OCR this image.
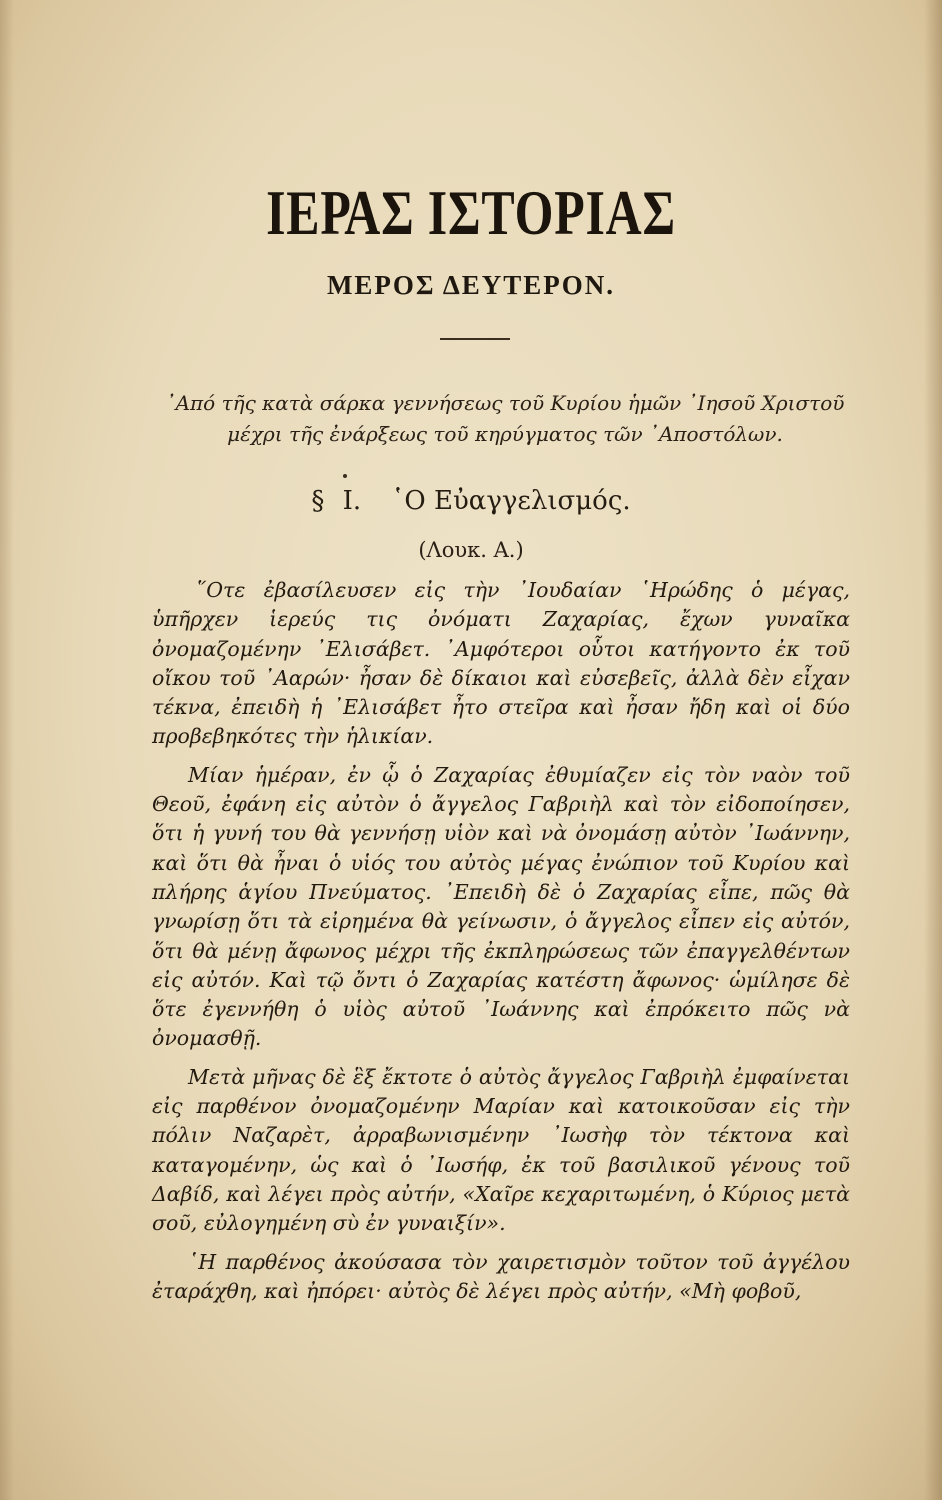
ΙΕΡΑΣ ΙΣΤΟΡΙΑΣ
ΜΕΡΟΣ ΔΕΥΤΕΡΟΝ.
᾿Από τῆς κατὰ σάρκα γεννήσεως τοῦ Κυρίου ἡμῶν ᾿Ιησοῦ Χριστοῦ μέχρι τῆς ἐνάρξεως τοῦ κηρύγματος τῶν ᾿Αποστόλων.
§ Ι. ῾Ο Εὐαγγελισμός.
(Λουκ. Α.)

῞Οτε ἐβασίλευσεν εἰς τὴν ᾿Ιουδαίαν ῾Ηρώδης ὁ μέγας, ὑπῆρχεν ἱερεύς τις ὀνόματι Ζαχαρίας, ἔχων γυναῖκα ὀνομαζομένην ᾿Ελισάβετ. ᾿Αμφότεροι οὗτοι κατήγοντο ἐκ τοῦ οἴκου τοῦ ᾿Ααρών· ἦσαν δὲ δίκαιοι καὶ εὐσεβεῖς, ἀλλὰ δὲν εἶχαν τέκνα, ἐπειδὴ ἡ ᾿Ελισάβετ ἦτο στεῖρα καὶ ἦσαν ἤδη καὶ οἱ δύο προβεβηκότες τὴν ἡλικίαν.

Μίαν ἡμέραν, ἐν ᾧ ὁ Ζαχαρίας ἐθυμίαζεν εἰς τὸν ναὸν τοῦ Θεοῦ, ἐφάνη εἰς αὐτὸν ὁ ἄγγελος Γαβριὴλ καὶ τὸν εἰδοποίησεν, ὅτι ἡ γυνή του θὰ γεννήσῃ υἱὸν καὶ νὰ ὀνομάσῃ αὐτὸν ᾿Ιωάννην, καὶ ὅτι θὰ ἦναι ὁ υἱός του αὐτὸς μέγας ἐνώπιον τοῦ Κυρίου καὶ πλήρης ἁγίου Πνεύματος. ᾿Επειδὴ δὲ ὁ Ζαχαρίας εἶπε, πῶς θὰ γνωρίσῃ ὅτι τὰ εἰρημένα θὰ γείνωσιν, ὁ ἄγγελος εἶπεν εἰς αὐτόν, ὅτι θὰ μένῃ ἄφωνος μέχρι τῆς ἐκπληρώσεως τῶν ἐπαγγελθέντων εἰς αὐτόν. Καὶ τῷ ὄντι ὁ Ζαχαρίας κατέστη ἄφωνος· ὡμίλησε δὲ ὅτε ἐγεννήθη ὁ υἱὸς αὐτοῦ ᾿Ιωάννης καὶ ἐπρόκειτο πῶς νὰ ὀνομασθῇ.

Μετὰ μῆνας δὲ ἓξ ἔκτοτε ὁ αὐτὸς ἄγγελος Γαβριὴλ ἐμφαίνεται εἰς παρθένον ὀνομαζομένην Μαρίαν καὶ κατοικοῦσαν εἰς τὴν πόλιν Ναζαρὲτ, ἀρραβωνισμένην ᾿Ιωσὴφ τὸν τέκτονα καὶ καταγομένην, ὡς καὶ ὁ ᾿Ιωσήφ, ἐκ τοῦ βασιλικοῦ γένους τοῦ Δαβίδ, καὶ λέγει πρὸς αὐτήν, «Χαῖρε κεχαριτωμένη, ὁ Κύριος μετὰ σοῦ, εὐλογημένη σὺ ἐν γυναιξίν».

῾Η παρθένος ἀκούσασα τὸν χαιρετισμὸν τοῦτον τοῦ ἀγγέλου ἐταράχθη, καὶ ἠπόρει· αὐτὸς δὲ λέγει πρὸς αὐτήν, «Μὴ φοβοῦ,
